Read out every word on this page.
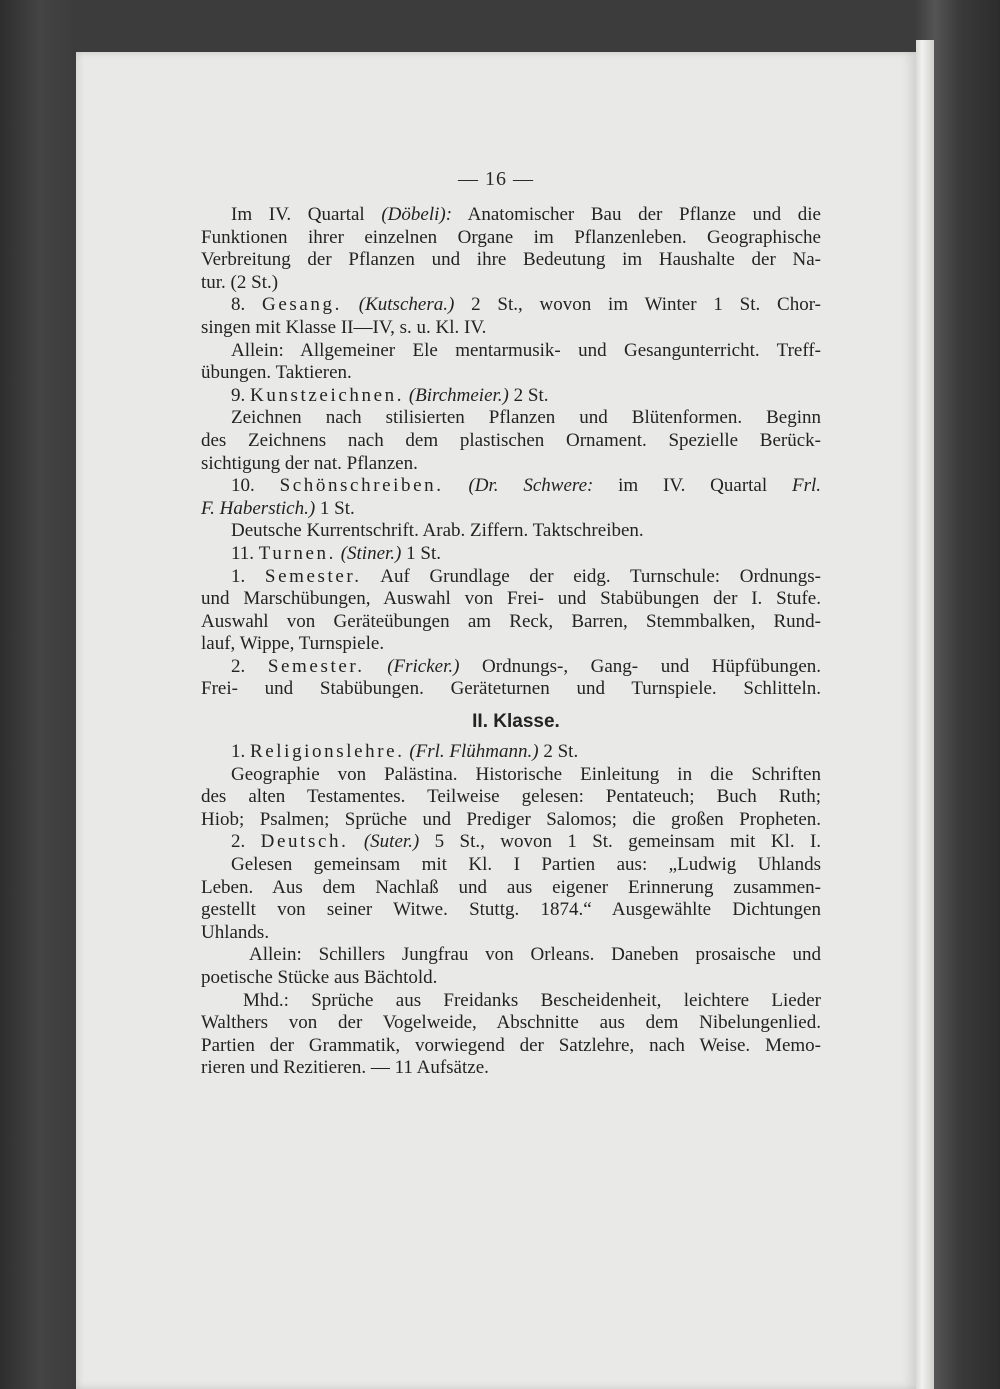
— 16 —
Im IV. Quartal (Döbeli): Anatomischer Bau der Pflanze und die
Funktionen ihrer einzelnen Organe im Pflanzenleben. Geographische
Verbreitung der Pflanzen und ihre Bedeutung im Haushalte der Na-
tur. (2 St.)
8. Gesang. (Kutschera.) 2 St., wovon im Winter 1 St. Chor-
singen mit Klasse II—IV, s. u. Kl. IV.
Allein: Allgemeiner Ele mentarmusik- und Gesangunterricht. Treff-
übungen. Taktieren.
9. Kunstzeichnen. (Birchmeier.) 2 St.
Zeichnen nach stilisierten Pflanzen und Blütenformen. Beginn
des Zeichnens nach dem plastischen Ornament. Spezielle Berück-
sichtigung der nat. Pflanzen.
10. Schönschreiben. (Dr. Schwere: im IV. Quartal Frl.
F. Haberstich.) 1 St.
Deutsche Kurrentschrift. Arab. Ziffern. Taktschreiben.
11. Turnen. (Stiner.) 1 St.
1. Semester. Auf Grundlage der eidg. Turnschule: Ordnungs-
und Marschübungen, Auswahl von Frei- und Stabübungen der I. Stufe.
Auswahl von Geräteübungen am Reck, Barren, Stemmbalken, Rund-
lauf, Wippe, Turnspiele.
2. Semester. (Fricker.) Ordnungs-, Gang- und Hüpfübungen.
Frei- und Stabübungen. Geräteturnen und Turnspiele. Schlitteln.
II. Klasse.
1. Religionslehre. (Frl. Flühmann.) 2 St.
Geographie von Palästina. Historische Einleitung in die Schriften
des alten Testamentes. Teilweise gelesen: Pentateuch; Buch Ruth;
Hiob; Psalmen; Sprüche und Prediger Salomos; die großen Propheten.
2. Deutsch. (Suter.) 5 St., wovon 1 St. gemeinsam mit Kl. I.
Gelesen gemeinsam mit Kl. I Partien aus: „Ludwig Uhlands
Leben. Aus dem Nachlaß und aus eigener Erinnerung zusammen-
gestellt von seiner Witwe. Stuttg. 1874.“ Ausgewählte Dichtungen
Uhlands.
Allein: Schillers Jungfrau von Orleans. Daneben prosaische und
poetische Stücke aus Bächtold.
Mhd.: Sprüche aus Freidanks Bescheidenheit, leichtere Lieder
Walthers von der Vogelweide, Abschnitte aus dem Nibelungenlied.
Partien der Grammatik, vorwiegend der Satzlehre, nach Weise. Memo-
rieren und Rezitieren. — 11 Aufsätze.
